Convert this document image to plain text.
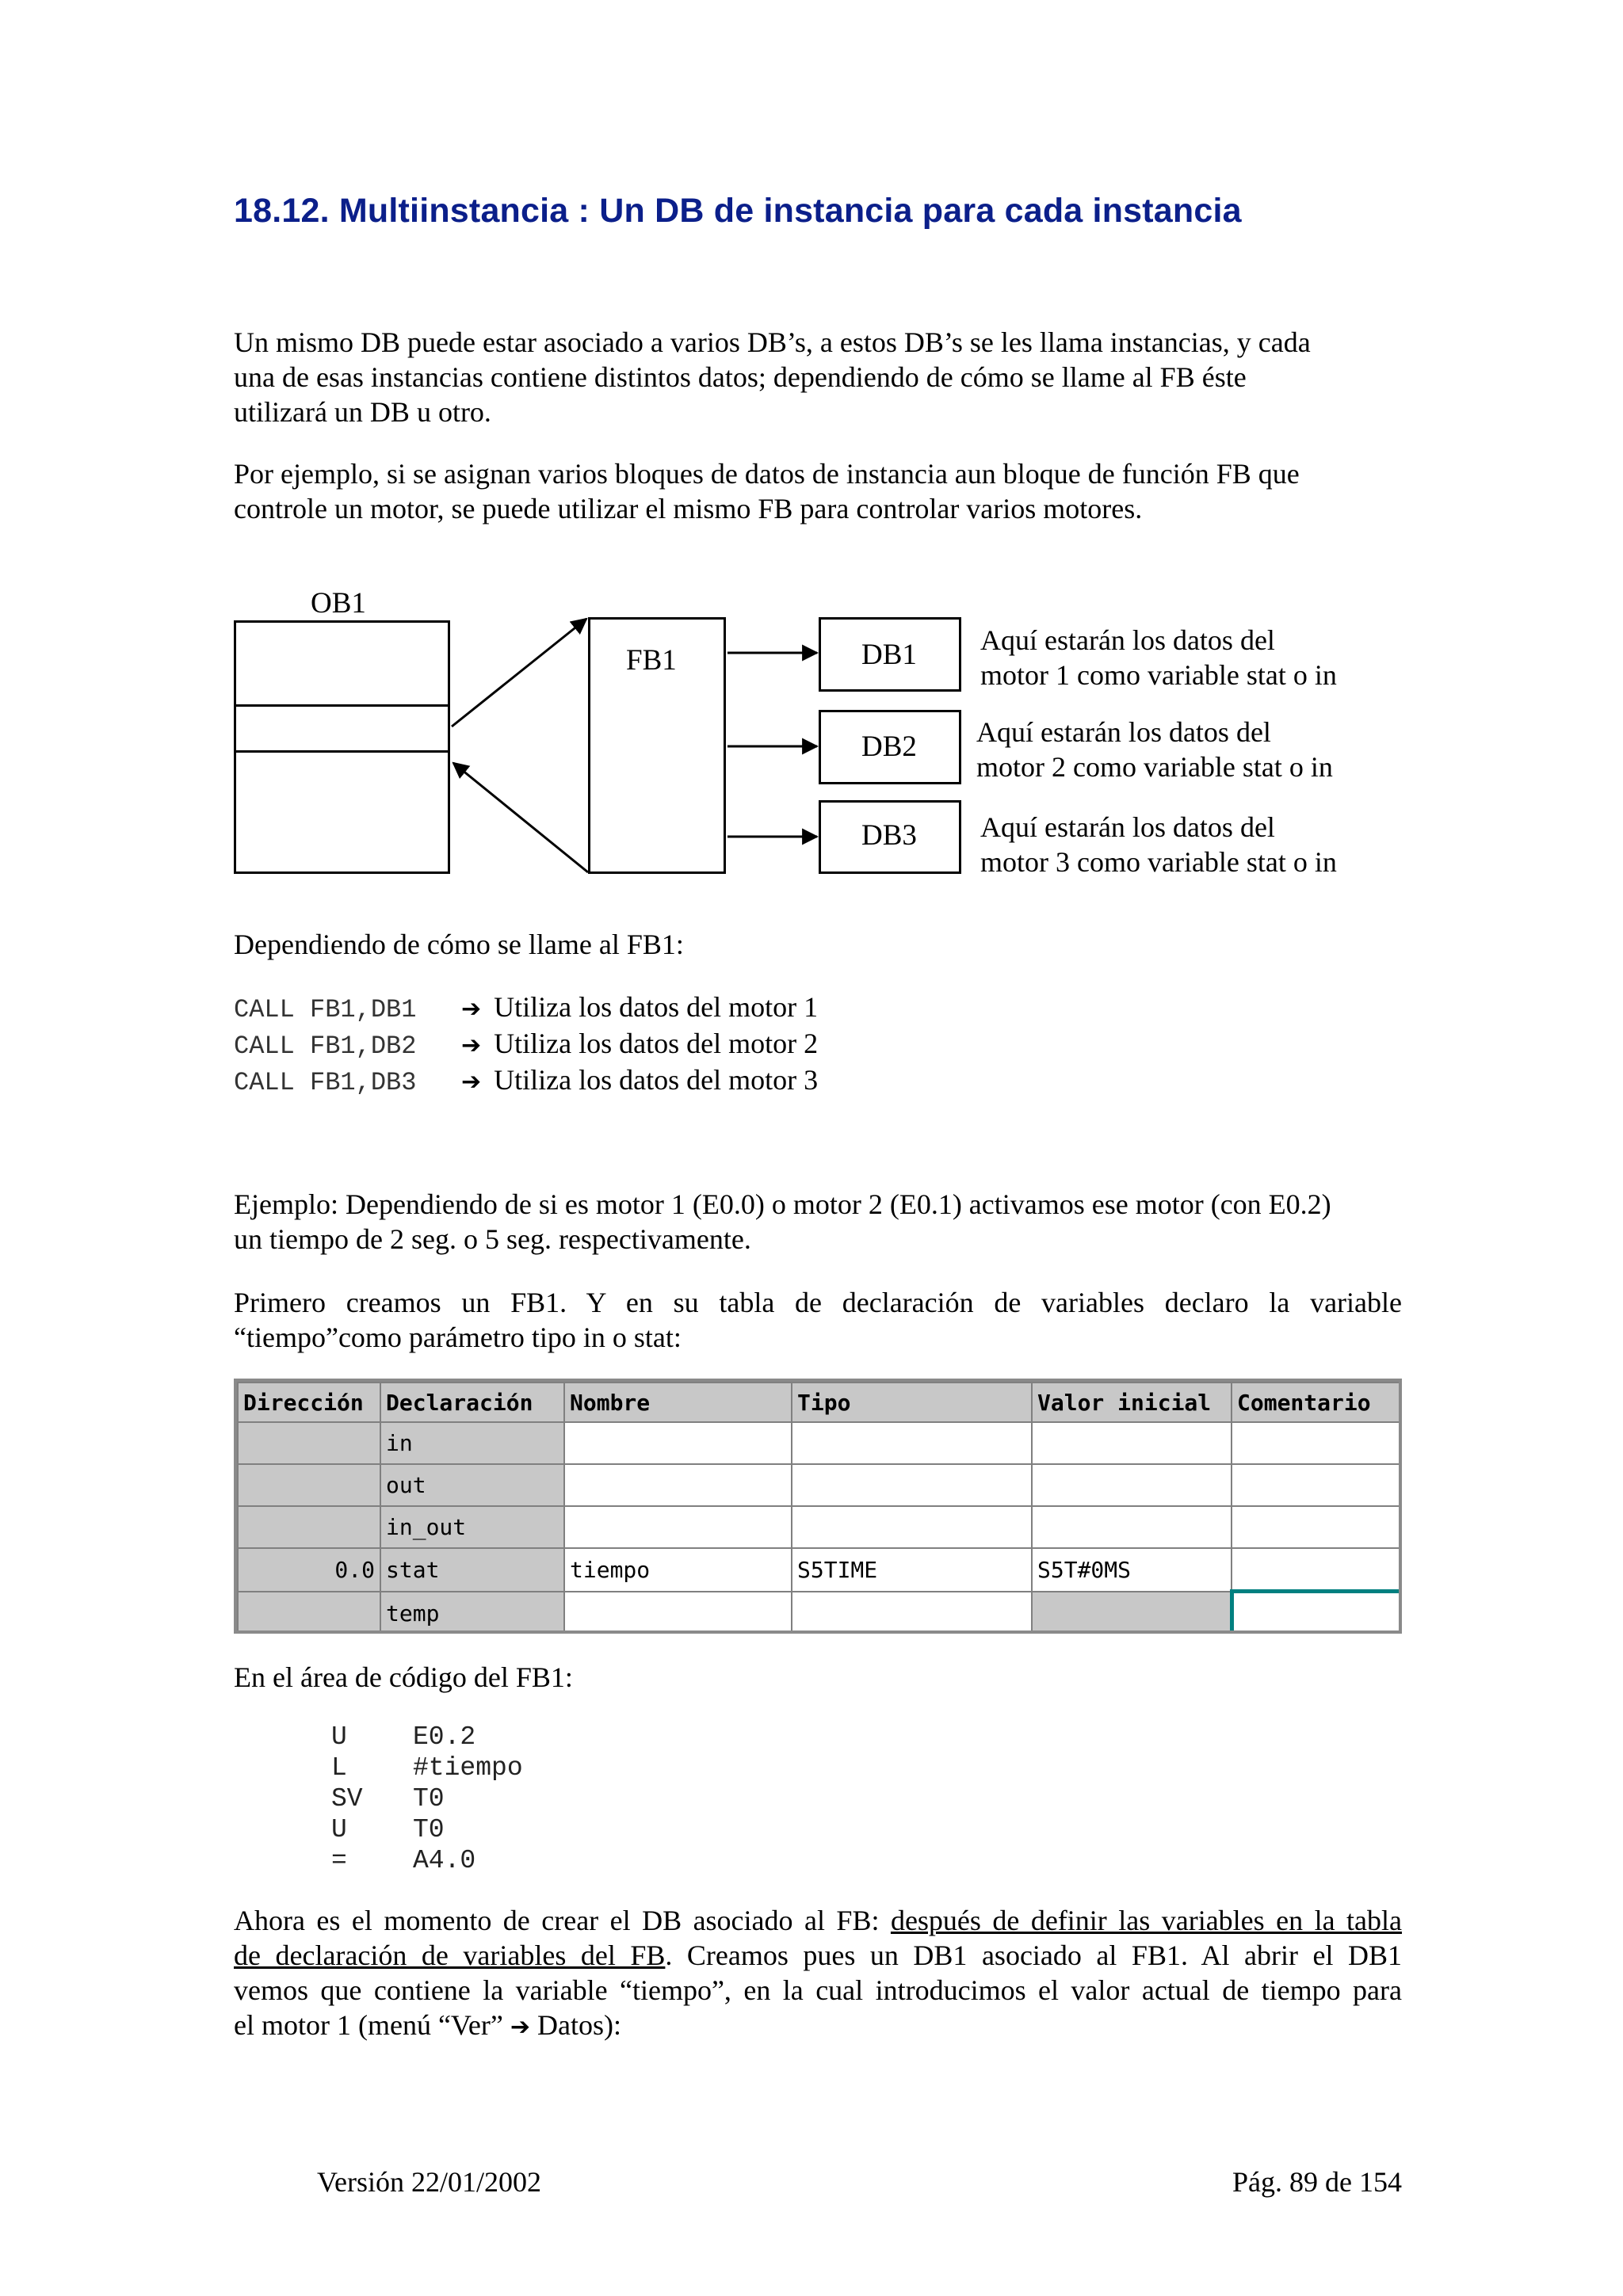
18.12. Multiinstancia : Un DB de instancia para cada instancia
Un mismo DB puede estar asociado a varios DB’s, a estos DB’s se les llama instancias, y cada
una de esas instancias contiene distintos datos; dependiendo de cómo se llame al FB éste
utilizará un DB u otro.
Por ejemplo, si se asignan varios bloques de datos de instancia aun bloque de función FB que
controle un motor, se puede utilizar el mismo FB para controlar varios motores.
OB1
FB1	DB1
DB2
DB3
Aquí estarán los datos del
motor 1 como variable stat o in
Aquí estarán los datos del
motor 2 como variable stat o in
Aquí estarán los datos del
motor 3 como variable stat o in
Dependiendo de cómo se llame al FB1:
CALL FB1,DB1 ➔ Utiliza los datos del motor 1
CALL FB1,DB2 ➔ Utiliza los datos del motor 2
CALL FB1,DB3 ➔ Utiliza los datos del motor 3
Ejemplo: Dependiendo de si es motor 1 (E0.0) o motor 2 (E0.1) activamos ese motor (con E0.2)
un tiempo de 2 seg. o 5 seg. respectivamente.
Primero creamos un FB1. Y en su tabla de declaración de variables declaro la variable
“tiempo”como parámetro tipo in o stat:
Dirección	Declaración	Nombre	Tipo	Valor inicial	Comentario
	in				
	out				
	in_out				
0.0	stat	tiempo	S5TIME	S5T#0MS	
	temp				
En el área de código del FB1:
U	E0.2
L	#tiempo
SV T0
U	T0
=	A4.0
Ahora es el momento de crear el DB asociado al FB: después de definir las variables en la tabla
de declaración de variables del FB. Creamos pues un DB1 asociado al FB1. Al abrir el DB1
vemos que contiene la variable “tiempo”, en la cual introducimos el valor actual de tiempo para
el motor 1 (menú “Ver” ➔ Datos):
Versión 22/01/2002	Pág. 89 de 154
